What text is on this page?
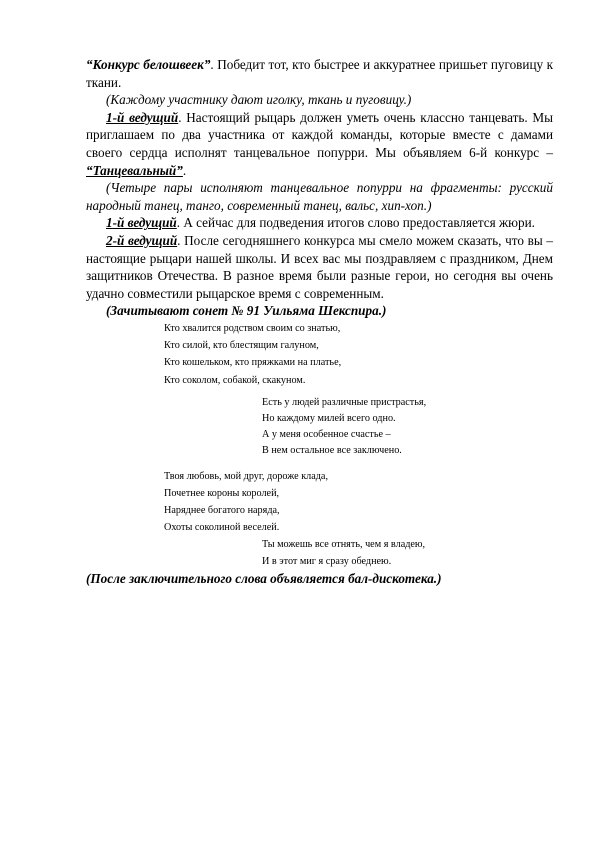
“Конкурс белошвеек”. Победит тот, кто быстрее и аккуратнее пришьет пуговицу к ткани.

(Каждому участнику дают иголку, ткань и пуговицу.)

1-й ведущий. Настоящий рыцарь должен уметь очень классно танцевать. Мы приглашаем по два участника от каждой команды, которые вместе с дамами своего сердца исполнят танцевальное попурри. Мы объявляем 6-й конкурс – “Танцевальный”.

(Четыре пары исполняют танцевальное попурри на фрагменты: русский народный танец, танго, современный танец, вальс, хип-хоп.)

1-й ведущий. А сейчас для подведения итогов слово предоставляется жюри.

2-й ведущий. После сегодняшнего конкурса мы смело можем сказать, что вы – настоящие рыцари нашей школы. И всех вас мы поздравляем с праздником, Днем защитников Отечества. В разное время были разные герои, но сегодня вы очень удачно совместили рыцарское время с современным.

(Зачитывают сонет № 91 Уильяма Шекспира.)

Кто хвалится родством своим со знатью,
Кто силой, кто блестящим галуном,
Кто кошельком, кто пряжками на платье,
Кто соколом, собакой, скакуном.
Есть у людей различные пристрастья,
Но каждому милей всего одно.
А у меня особенное счастье –
В нем остальное все заключено.
Твоя любовь, мой друг, дороже клада,
Почетнее короны королей,
Наряднее богатого наряда,
Охоты соколиной веселей.
Ты можешь все отнять, чем я владею,
И в этот миг я сразу обеднею.

(После заключительного слова объявляется бал-дискотека.)
